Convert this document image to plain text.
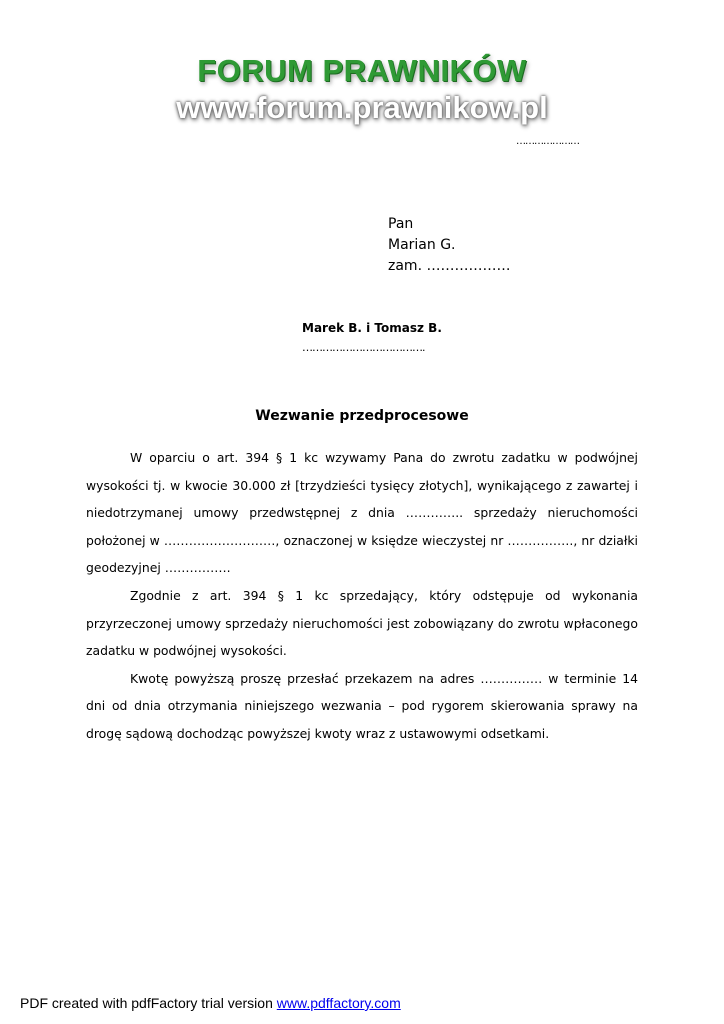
FORUM PRAWNIKÓW
www.forum.prawnikow.pl
…………………
Pan
Marian G.
zam. ………………
Marek B. i Tomasz B.
……………………………….
Wezwanie przedprocesowe

W oparciu o art. 394 § 1 kc wzywamy Pana do zwrotu zadatku w podwójnej wysokości tj. w kwocie 30.000 zł [trzydzieści tysięcy złotych], wynikającego z zawartej i niedotrzymanej umowy przedwstępnej z dnia ………….. sprzedaży nieruchomości położonej w ………………………, oznaczonej w księdze wieczystej nr ……………., nr działki geodezyjnej …………….

Zgodnie z art. 394 § 1 kc sprzedający, który odstępuje od wykonania przyrzeczonej umowy sprzedaży nieruchomości jest zobowiązany do zwrotu wpłaconego zadatku w podwójnej wysokości.

Kwotę powyższą proszę przesłać przekazem na adres …………… w terminie 14 dni od dnia otrzymania niniejszego wezwania – pod rygorem skierowania sprawy na drogę sądową dochodząc powyższej kwoty wraz z ustawowymi odsetkami.

PDF created with pdfFactory trial version www.pdffactory.com
